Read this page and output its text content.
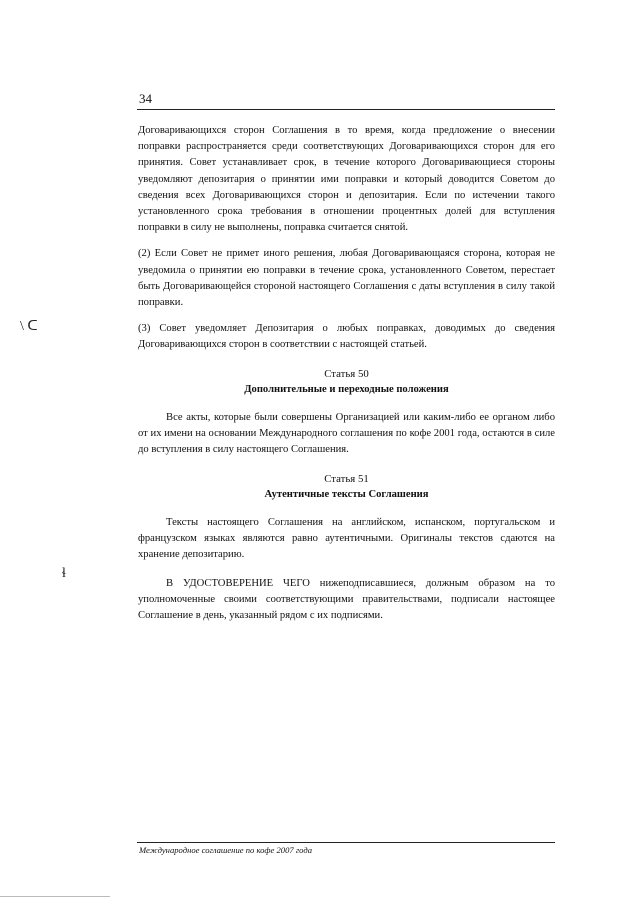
34
\ ᑕ
ɬ

Договаривающихся сторон Соглашения в то время, когда предложение о внесении поправки распространяется среди соответствующих Договаривающихся сторон для его принятия. Совет устанавливает срок, в течение которого Договаривающиеся стороны уведомляют депозитария о принятии ими поправки и который доводится Советом до сведения всех Договаривающихся сторон и депозитария. Если по истечении такого установленного срока требования в отношении процентных долей для вступления поправки в силу не выполнены, поправка считается снятой.

(2) Если Совет не примет иного решения, любая Договаривающаяся сторона, которая не уведомила о принятии ею поправки в течение срока, установленного Советом, перестает быть Договаривающейся стороной настоящего Соглашения с даты вступления в силу такой поправки.

(3) Совет уведомляет Депозитария о любых поправках, доводимых до сведения Договаривающихся сторон в соответствии с настоящей статьей.

Статья 50

Дополнительные и переходные положения

Все акты, которые были совершены Организацией или каким-либо ее органом либо от их имени на основании Международного соглашения по кофе 2001 года, остаются в силе до вступления в силу настоящего Соглашения.

Статья 51

Аутентичные тексты Соглашения

Тексты настоящего Соглашения на английском, испанском, португальском и французском языках являются равно аутентичными. Оригиналы текстов сдаются на хранение депозитарию.

В УДОСТОВЕРЕНИЕ ЧЕГО нижеподписавшиеся, должным образом на то уполномоченные своими соответствующими правительствами, подписали настоящее Соглашение в день, указанный рядом с их подписями.

Международное соглашение по кофе 2007 года
